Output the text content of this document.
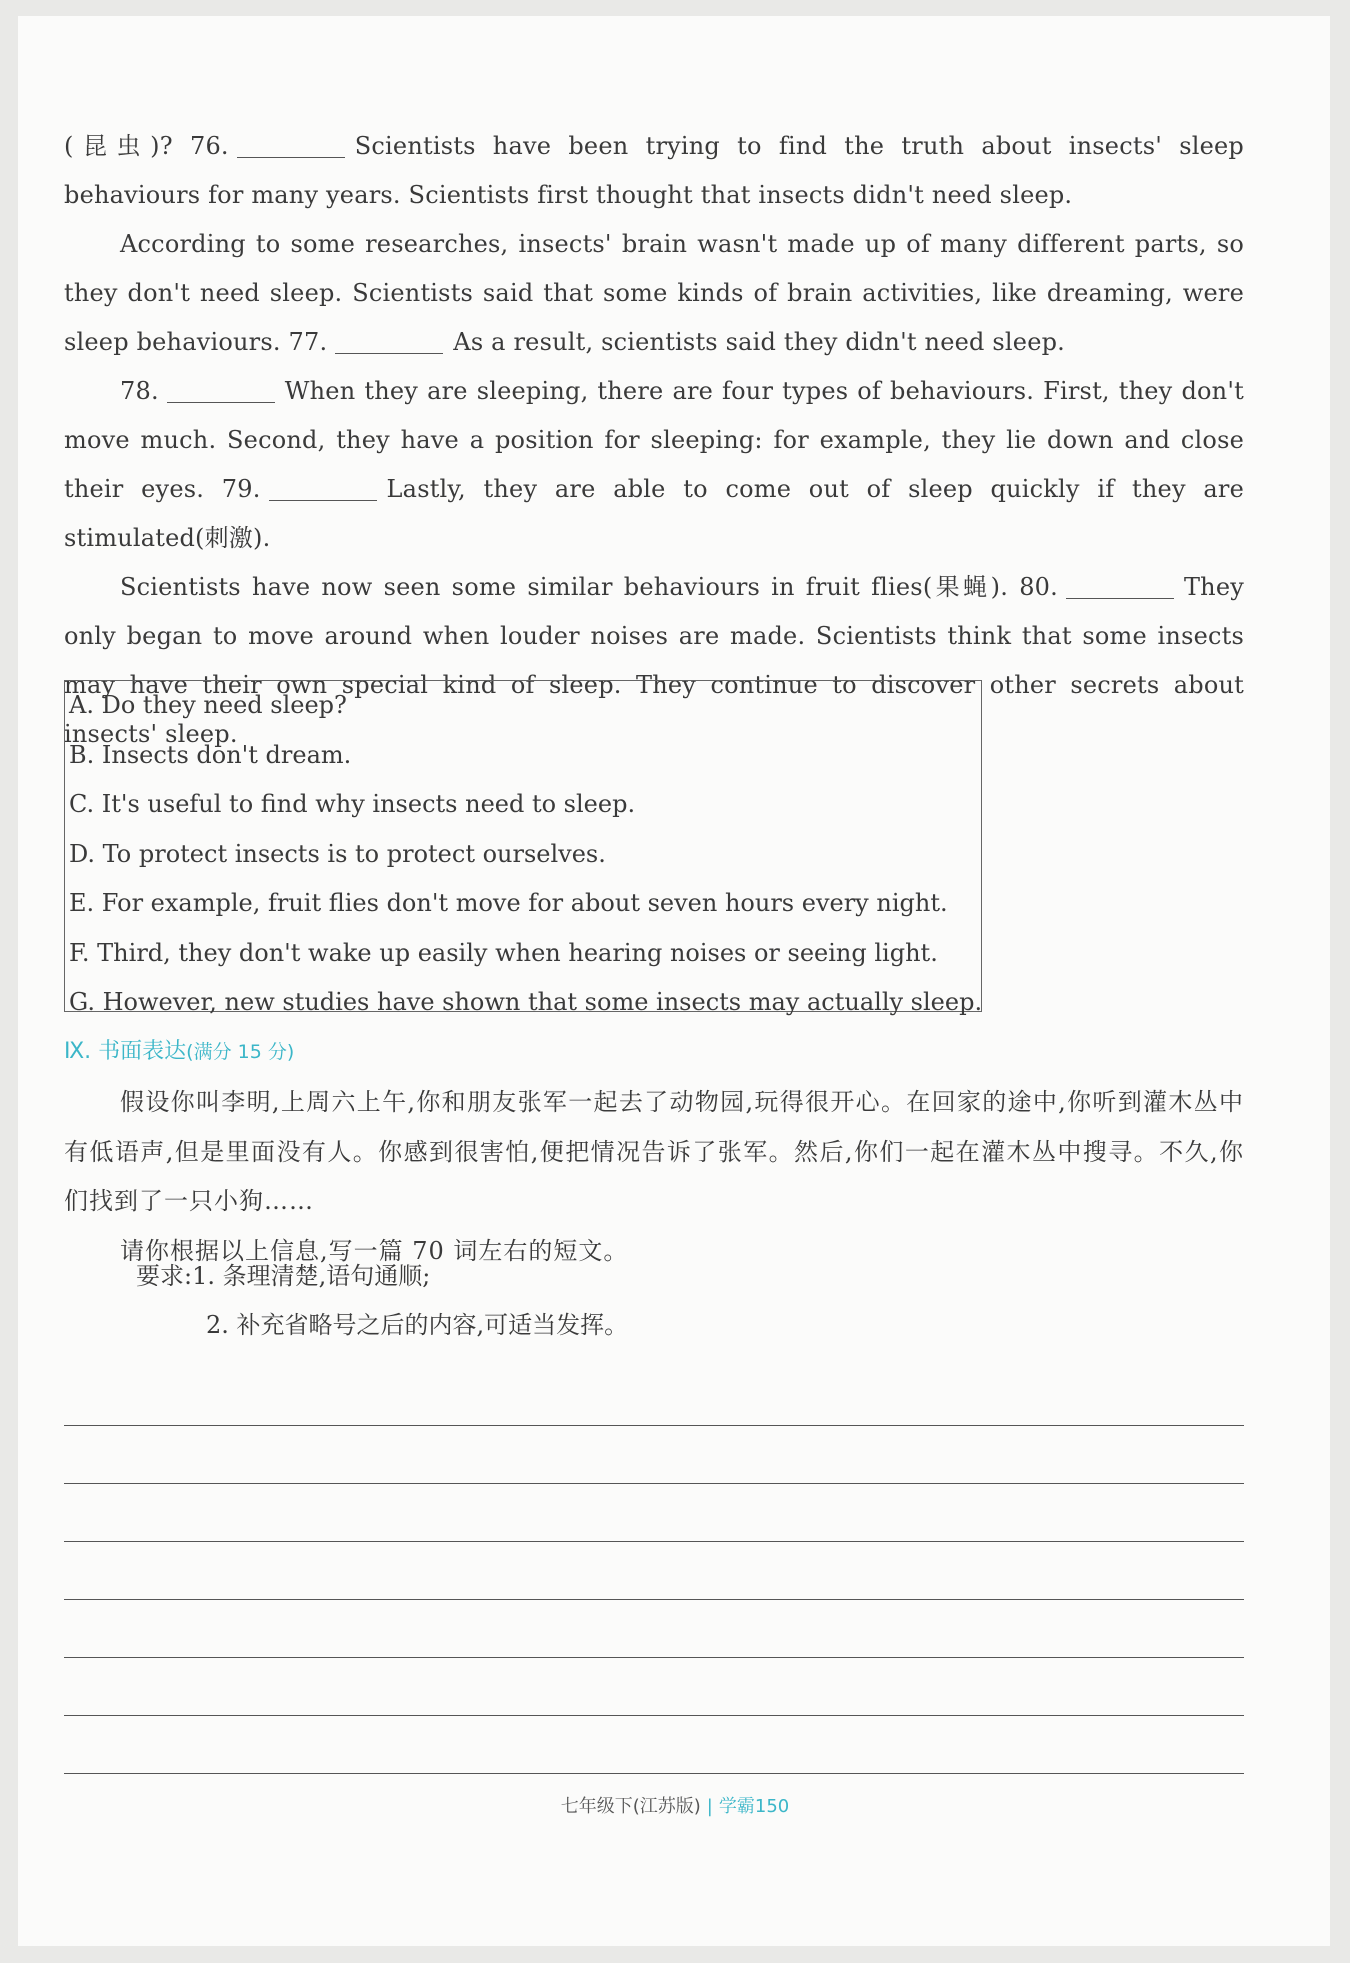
(昆虫)? 76.	Scientists have been trying to find the truth about insects' sleep behaviours for many years. Scientists first thought that insects didn't need sleep.

According to some researches, insects' brain wasn't made up of many different parts, so they don't need sleep. Scientists said that some kinds of brain activities, like dreaming, were sleep behaviours. 77.	As a result, scientists said they didn't need sleep.

78.	When they are sleeping, there are four types of behaviours. First, they don't move much. Second, they have a position for sleeping: for example, they lie down and close their eyes. 79.	Lastly, they are able to come out of sleep quickly if they are stimulated(刺激).

Scientists have now seen some similar behaviours in fruit flies(果蝇). 80.	They only began to move around when louder noises are made. Scientists think that some insects may have their own special kind of sleep. They continue to discover other secrets about insects' sleep.

A. Do they need sleep?
B. Insects don't dream.
C. It's useful to find why insects need to sleep.
D. To protect insects is to protect ourselves.
E. For example, fruit flies don't move for about seven hours every night.
F. Third, they don't wake up easily when hearing noises or seeing light.
G. However, new studies have shown that some insects may actually sleep.
Ⅸ. 书面表达(满分 15 分)

假设你叫李明,上周六上午,你和朋友张军一起去了动物园,玩得很开心。在回家的途中,你听到灌木丛中有低语声,但是里面没有人。你感到很害怕,便把情况告诉了张军。然后,你们一起在灌木丛中搜寻。不久,你们找到了一只小狗……

请你根据以上信息,写一篇 70 词左右的短文。

要求:1. 条理清楚,语句通顺;
2. 补充省略号之后的内容,可适当发挥。
七年级下(江苏版) | 学霸150
